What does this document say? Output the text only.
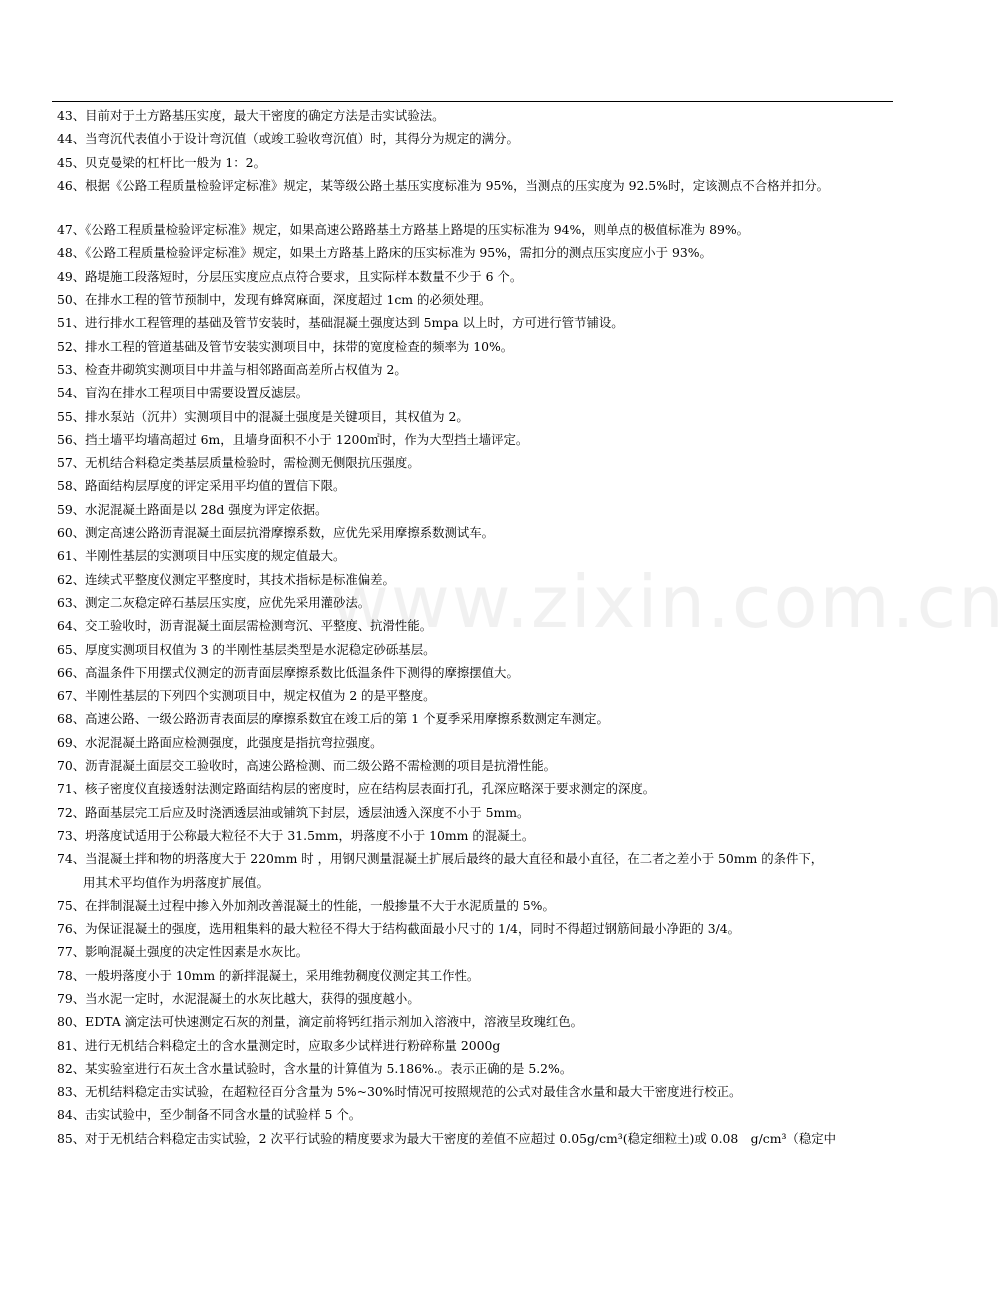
www.zixin.com.cn
43、目前对于土方路基压实度，最大干密度的确定方法是击实试验法。
44、当弯沉代表值小于设计弯沉值（或竣工验收弯沉值）时，其得分为规定的满分。
45、贝克曼梁的杠杆比一般为 1：2。
46、根据《公路工程质量检验评定标准》规定，某等级公路土基压实度标准为 95%，当测点的压实度为 92.5%时，定该测点不合格并扣分。
47、《公路工程质量检验评定标准》规定，如果高速公路路基土方路基上路堤的压实标准为 94%，则单点的极值标准为 89%。
48、《公路工程质量检验评定标准》规定，如果土方路基上路床的压实标准为 95%，需扣分的测点压实度应小于 93%。
49、路堤施工段落短时，分层压实度应点点符合要求，且实际样本数量不少于 6 个。
50、在排水工程的管节预制中，发现有蜂窝麻面，深度超过 1cm 的必须处理。
51、进行排水工程管理的基础及管节安装时，基础混凝土强度达到 5mpa 以上时，方可进行管节铺设。
52、排水工程的管道基础及管节安装实测项目中，抹带的宽度检查的频率为 10%。
53、检查井砌筑实测项目中井盖与相邻路面高差所占权值为 2。
54、盲沟在排水工程项目中需要设置反滤层。
55、排水泵站（沉井）实测项目中的混凝土强度是关键项目，其权值为 2。
56、挡土墙平均墙高超过 6m，且墙身面积不小于 1200㎡时，作为大型挡土墙评定。
57、无机结合料稳定类基层质量检验时，需检测无侧限抗压强度。
58、路面结构层厚度的评定采用平均值的置信下限。
59、水泥混凝土路面是以 28d 强度为评定依据。
60、测定高速公路沥青混凝土面层抗滑摩擦系数，应优先采用摩擦系数测试车。
61、半刚性基层的实测项目中压实度的规定值最大。
62、连续式平整度仪测定平整度时，其技术指标是标准偏差。
63、测定二灰稳定碎石基层压实度，应优先采用灌砂法。
64、交工验收时，沥青混凝土面层需检测弯沉、平整度、抗滑性能。
65、厚度实测项目权值为 3 的半刚性基层类型是水泥稳定砂砾基层。
66、高温条件下用摆式仪测定的沥青面层摩擦系数比低温条件下测得的摩擦摆值大。
67、半刚性基层的下列四个实测项目中，规定权值为 2 的是平整度。
68、高速公路、一级公路沥青表面层的摩擦系数宜在竣工后的第 1 个夏季采用摩擦系数测定车测定。
69、水泥混凝土路面应检测强度，此强度是指抗弯拉强度。
70、沥青混凝土面层交工验收时，高速公路检测、而二级公路不需检测的项目是抗滑性能。
71、核子密度仪直接透射法测定路面结构层的密度时，应在结构层表面打孔，孔深应略深于要求测定的深度。
72、路面基层完工后应及时浇洒透层油或铺筑下封层，透层油透入深度不小于 5mm。
73、坍落度试适用于公称最大粒径不大于 31.5mm，坍落度不小于 10mm 的混凝土。
74、当混凝土拌和物的坍落度大于 220mm 时 ，用钢尺测量混凝土扩展后最终的最大直径和最小直径，在二者之差小于 50mm 的条件下，
用其术平均值作为坍落度扩展值。
75、在拌制混凝土过程中掺入外加剂改善混凝土的性能，一般掺量不大于水泥质量的 5%。
76、为保证混凝土的强度，选用粗集料的最大粒径不得大于结构截面最小尺寸的 1/4，同时不得超过钢筋间最小净距的 3/4。
77、影响混凝土强度的决定性因素是水灰比。
78、一般坍落度小于 10mm 的新拌混凝土，采用维勃稠度仪测定其工作性。
79、当水泥一定时，水泥混凝土的水灰比越大，获得的强度越小。
80、EDTA 滴定法可快速测定石灰的剂量，滴定前将钙红指示剂加入溶液中，溶液呈玫瑰红色。
81、进行无机结合料稳定土的含水量测定时，应取多少试样进行粉碎称量 2000g
82、某实验室进行石灰土含水量试验时，含水量的计算值为 5.186%.。表示正确的是 5.2%。
83、无机结料稳定击实试验，在超粒径百分含量为 5%~30%时情况可按照规范的公式对最佳含水量和最大干密度进行校正。
84、击实试验中，至少制备不同含水量的试验样 5 个。
85、对于无机结合料稳定击实试验，2 次平行试验的精度要求为最大干密度的差值不应超过 0.05g/cm³(稳定细粒土)或 0.08　g/cm³（稳定中
